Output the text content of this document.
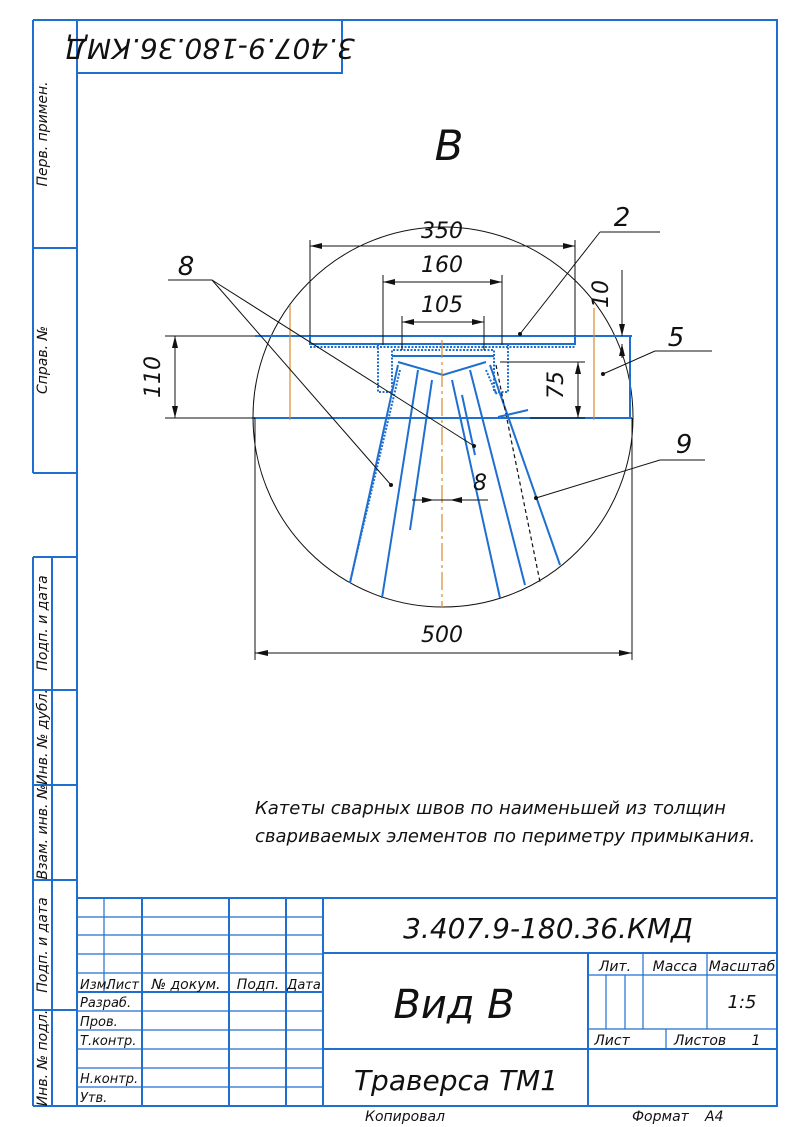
3.407.9-180.36.КМД
Перв. примен.
Справ. №
Подп. и дата
Инв. № дубл.
Взам. инв. №
Подп. и дата
Инв. № подл.
В
350
160
105	10
110	75
8
500
2
5
8
9
Катеты сварных швов по наименьшей из толщин
свариваемых элементов по периметру примыкания.
Изм.
Лист № докум. Подп. Дата
Разраб.
Пров.
Т.контр.
Н.контр.
Утв.
3.407.9-180.36.КМД
Вид В
Траверса ТМ1
Лит. Масса Масштаб
1:5
Лист	Листов 1
Копировал	Формат А4
